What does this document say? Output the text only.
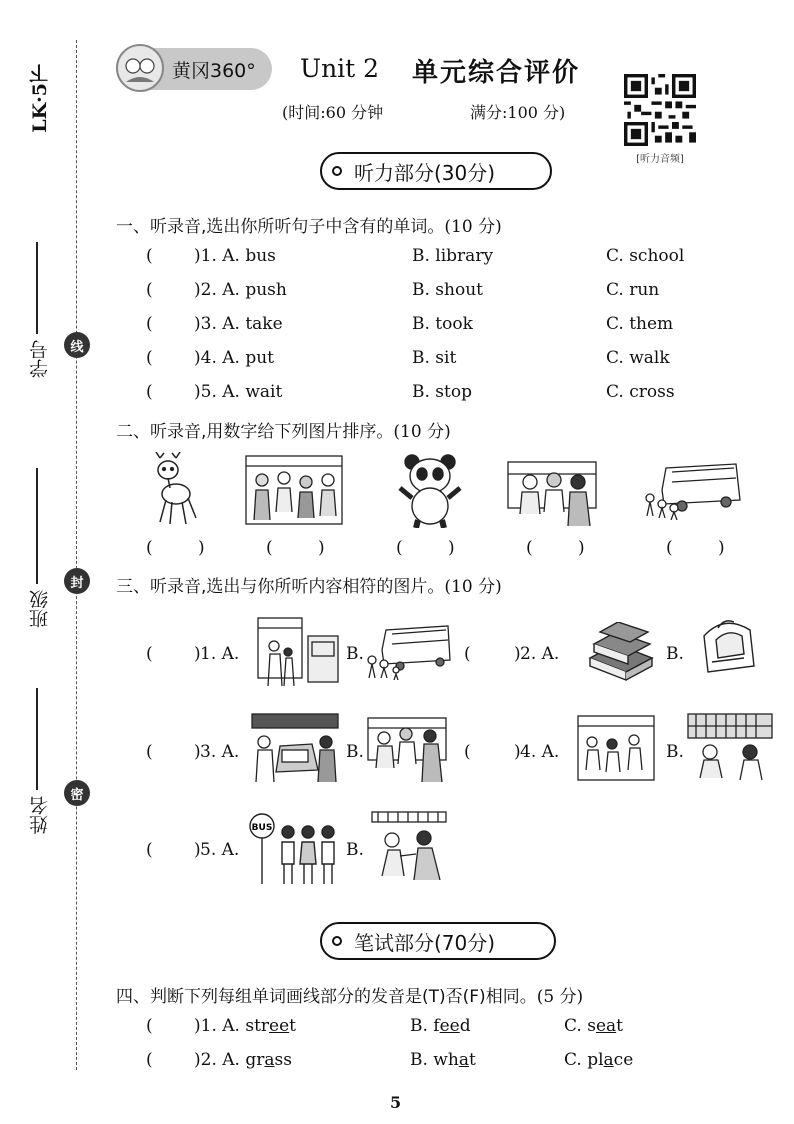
LK·5下
学号
班级
姓名
线
封
密
黄冈360° Unit 2 单元综合评价
(时间:60 分钟	满分:100 分)
[听力音频]
听力部分(30分)
一、听录音,选出你所听句子中含有的单词。(10 分)
( )1. A. bus	B. library	C. school
( )2. A. push	B. shout	C. run
( )3. A. take	B. took	C. them
( )4. A. put	B. sit	C. walk
( )5. A. wait	B. stop	C. cross
二、听录音,用数字给下列图片排序。(10 分)
(	)	(	)	(	)	(	)	(	)
三、听录音,选出与你所听内容相符的图片。(10 分)
( ) 1. A.	B.	(	) 2. A.	B.
( ) 3. A.	B.	(	) 4. A.	B.
( ) 5. A.
BUS
B.
笔试部分(70分)
四、判断下列每组单词画线部分的发音是(T)否(F)相同。(5 分)
( )1. A. street	B. feed	C. seat
( )2. A. grass	B. what	C. place
5
